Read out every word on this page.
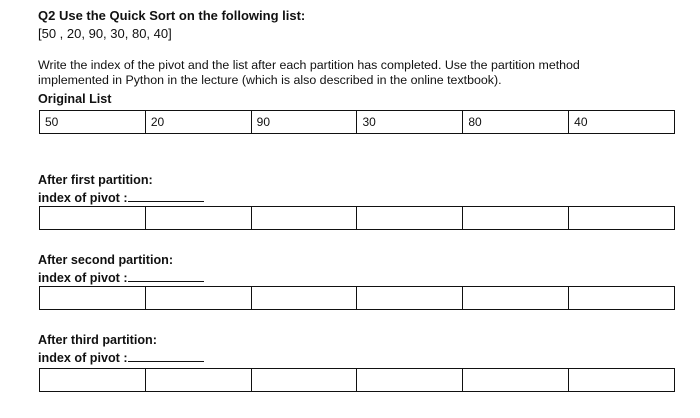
Q2 Use the Quick Sort on the following list:
[50 , 20, 90, 30, 80, 40]
Write the index of the pivot and the list after each partition has completed. Use the partition method implemented in Python in the lecture (which is also described in the online textbook).
Original List
50	20	90	30	80	40
After first partition:
index of pivot :
After second partition:
index of pivot :
After third partition:
index of pivot :
